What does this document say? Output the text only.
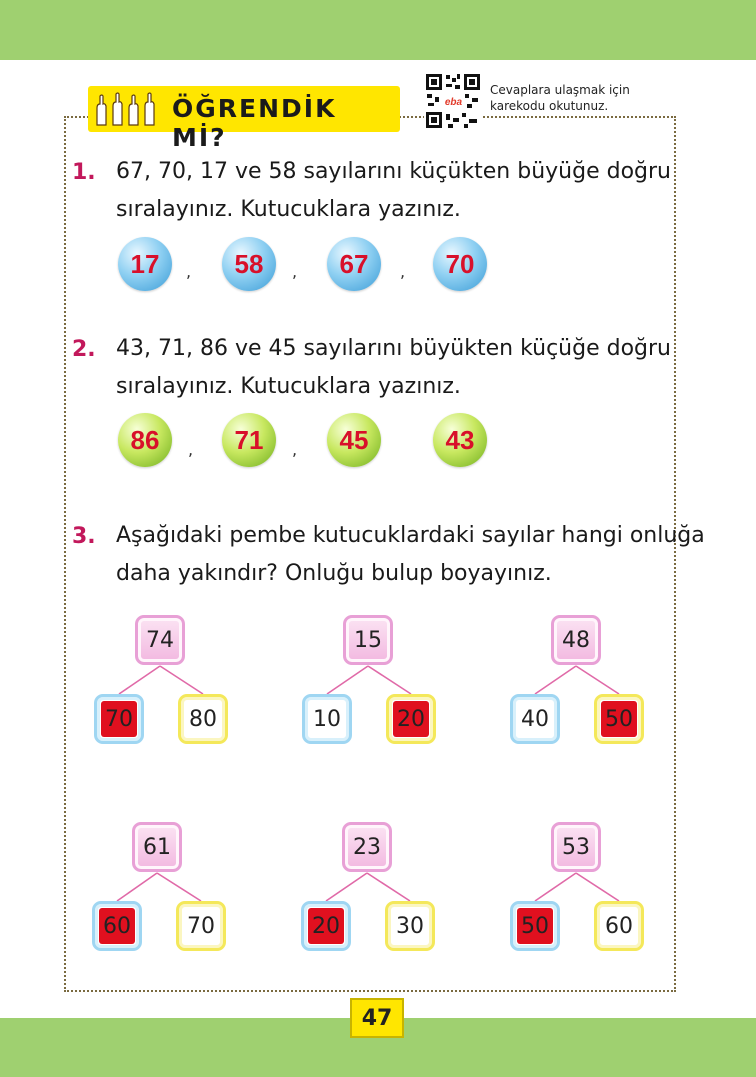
ÖĞRENDİK Mİ?
eba
Cevaplara ulaşmak için
karekodu okutunuz.
1. 67, 70, 17 ve 58 sayılarını küçükten büyüğe doğru
sıralayınız. Kutucuklara yazınız.
17	,	58	,	67	,	70
2. 43, 71, 86 ve 45 sayılarını büyükten küçüğe doğru
sıralayınız. Kutucuklara yazınız.
86	,	71	,	45	43
3. Aşağıdaki pembe kutucuklardaki sayılar hangi onluğa
daha yakındır? Onluğu bulup boyayınız.
74
70	80
15
10	20
48
40	50
61
60	70
23
20	30
53
50	60
47
